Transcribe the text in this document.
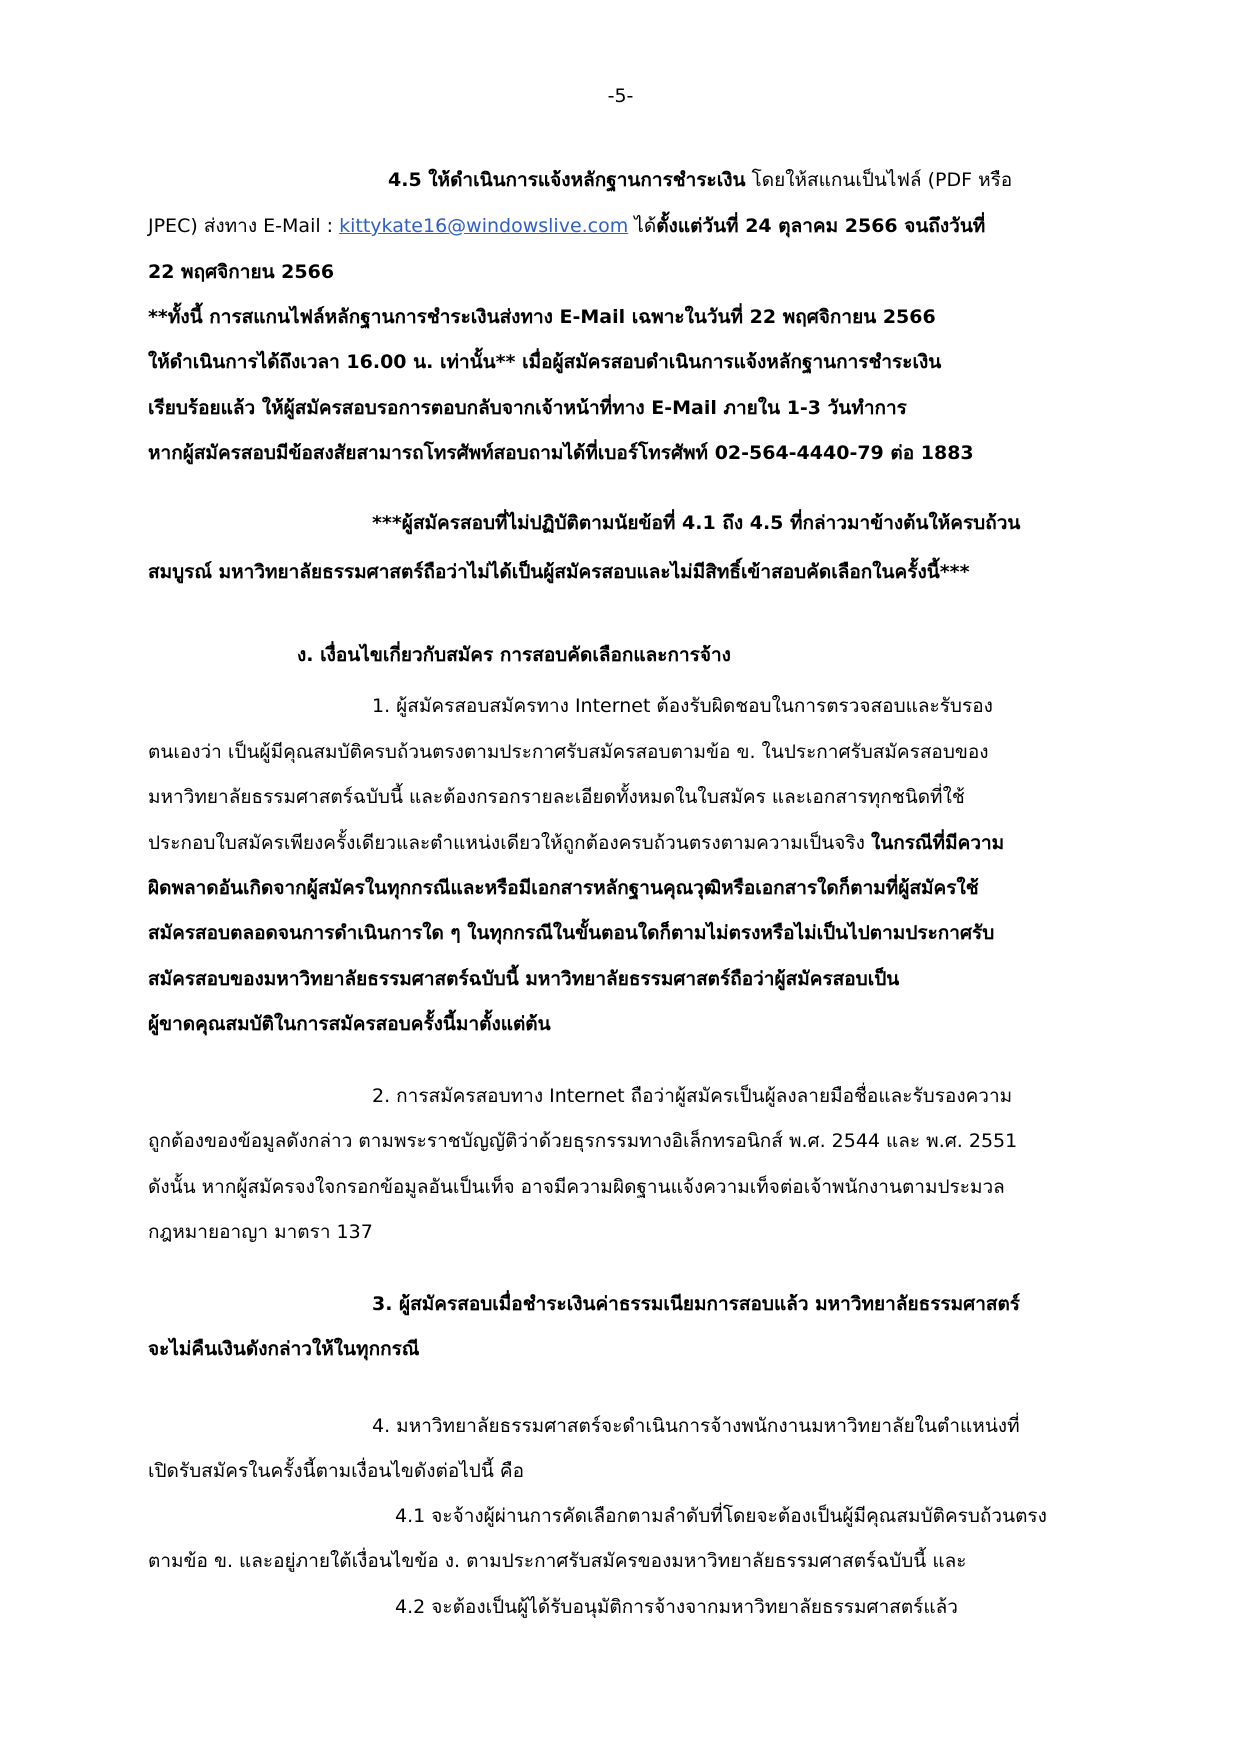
-5-
4.5 ให้ดำเนินการแจ้งหลักฐานการชำระเงิน โดยให้สแกนเป็นไฟล์ (PDF หรือ
JPEC) ส่งทาง E-Mail : kittykate16@windowslive.com ได้ตั้งแต่วันที่ 24 ตุลาคม 2566 จนถึงวันที่
22 พฤศจิกายน 2566
**ทั้งนี้ การสแกนไฟล์หลักฐานการชำระเงินส่งทาง E-Mail เฉพาะในวันที่ 22 พฤศจิกายน 2566
ให้ดำเนินการได้ถึงเวลา 16.00 น. เท่านั้น** เมื่อผู้สมัครสอบดำเนินการแจ้งหลักฐานการชำระเงิน
เรียบร้อยแล้ว ให้ผู้สมัครสอบรอการตอบกลับจากเจ้าหน้าที่ทาง E-Mail ภายใน 1-3 วันทำการ
หากผู้สมัครสอบมีข้อสงสัยสามารถโทรศัพท์สอบถามได้ที่เบอร์โทรศัพท์ 02-564-4440-79 ต่อ 1883
***ผู้สมัครสอบที่ไม่ปฏิบัติตามนัยข้อที่ 4.1 ถึง 4.5 ที่กล่าวมาข้างต้นให้ครบถ้วน
สมบูรณ์ มหาวิทยาลัยธรรมศาสตร์ถือว่าไม่ได้เป็นผู้สมัครสอบและไม่มีสิทธิ์เข้าสอบคัดเลือกในครั้งนี้***
ง. เงื่อนไขเกี่ยวกับสมัคร การสอบคัดเลือกและการจ้าง
1. ผู้สมัครสอบสมัครทาง Internet ต้องรับผิดชอบในการตรวจสอบและรับรอง
ตนเองว่า เป็นผู้มีคุณสมบัติครบถ้วนตรงตามประกาศรับสมัครสอบตามข้อ ข. ในประกาศรับสมัครสอบของ
มหาวิทยาลัยธรรมศาสตร์ฉบับนี้ และต้องกรอกรายละเอียดทั้งหมดในใบสมัคร และเอกสารทุกชนิดที่ใช้
ประกอบใบสมัครเพียงครั้งเดียวและตำแหน่งเดียวให้ถูกต้องครบถ้วนตรงตามความเป็นจริง ในกรณีที่มีความ
ผิดพลาดอันเกิดจากผู้สมัครในทุกกรณีและหรือมีเอกสารหลักฐานคุณวุฒิหรือเอกสารใดก็ตามที่ผู้สมัครใช้
สมัครสอบตลอดจนการดำเนินการใด ๆ ในทุกกรณีในขั้นตอนใดก็ตามไม่ตรงหรือไม่เป็นไปตามประกาศรับ
สมัครสอบของมหาวิทยาลัยธรรมศาสตร์ฉบับนี้ มหาวิทยาลัยธรรมศาสตร์ถือว่าผู้สมัครสอบเป็น
ผู้ขาดคุณสมบัติในการสมัครสอบครั้งนี้มาตั้งแต่ต้น
2. การสมัครสอบทาง Internet ถือว่าผู้สมัครเป็นผู้ลงลายมือชื่อและรับรองความ
ถูกต้องของข้อมูลดังกล่าว ตามพระราชบัญญัติว่าด้วยธุรกรรมทางอิเล็กทรอนิกส์ พ.ศ. 2544 และ พ.ศ. 2551
ดังนั้น หากผู้สมัครจงใจกรอกข้อมูลอันเป็นเท็จ อาจมีความผิดฐานแจ้งความเท็จต่อเจ้าพนักงานตามประมวล
กฎหมายอาญา มาตรา 137
3. ผู้สมัครสอบเมื่อชำระเงินค่าธรรมเนียมการสอบแล้ว มหาวิทยาลัยธรรมศาสตร์
จะไม่คืนเงินดังกล่าวให้ในทุกกรณี
4. มหาวิทยาลัยธรรมศาสตร์จะดำเนินการจ้างพนักงานมหาวิทยาลัยในตำแหน่งที่
เปิดรับสมัครในครั้งนี้ตามเงื่อนไขดังต่อไปนี้ คือ
4.1 จะจ้างผู้ผ่านการคัดเลือกตามลำดับที่โดยจะต้องเป็นผู้มีคุณสมบัติครบถ้วนตรง
ตามข้อ ข. และอยู่ภายใต้เงื่อนไขข้อ ง. ตามประกาศรับสมัครของมหาวิทยาลัยธรรมศาสตร์ฉบับนี้ และ
4.2 จะต้องเป็นผู้ได้รับอนุมัติการจ้างจากมหาวิทยาลัยธรรมศาสตร์แล้ว
